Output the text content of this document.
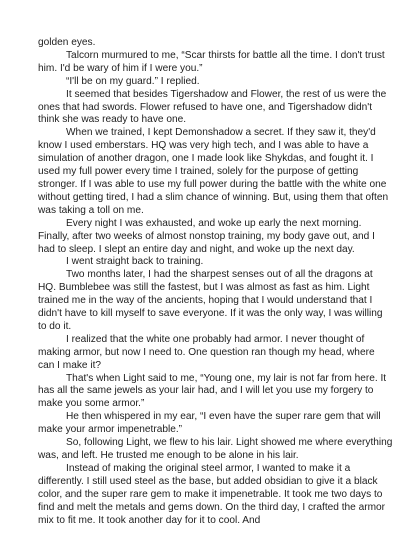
golden eyes.

Talcorn murmured to me, “Scar thirsts for battle all the time. I don't trust him. I'd be wary of him if I were you.”

“I'll be on my guard.” I replied.

It seemed that besides Tigershadow and Flower, the rest of us were the ones that had swords. Flower refused to have one, and Tigershadow didn't think she was ready to have one.

When we trained, I kept Demonshadow a secret. If they saw it, they'd know I used emberstars. HQ was very high tech, and I was able to have a simulation of another dragon, one I made look like Shykdas, and fought it. I used my full power every time I trained, solely for the purpose of getting stronger. If I was able to use my full power during the battle with the white one without getting tired, I had a slim chance of winning. But, using them that often was taking a toll on me.

Every night I was exhausted, and woke up early the next morning. Finally, after two weeks of almost nonstop training, my body gave out, and I had to sleep. I slept an entire day and night, and woke up the next day.

I went straight back to training.

Two months later, I had the sharpest senses out of all the dragons at HQ. Bumblebee was still the fastest, but I was almost as fast as him. Light trained me in the way of the ancients, hoping that I would understand that I didn't have to kill myself to save everyone. If it was the only way, I was willing to do it.

I realized that the white one probably had armor. I never thought of making armor, but now I need to. One question ran though my head, where can I make it?

That's when Light said to me, “Young one, my lair is not far from here. It has all the same jewels as your lair had, and I will let you use my forgery to make you some armor.”

He then whispered in my ear, “I even have the super rare gem that will make your armor impenetrable.”

So, following Light, we flew to his lair. Light showed me where everything was, and left. He trusted me enough to be alone in his lair.

Instead of making the original steel armor, I wanted to make it a differently. I still used steel as the base, but added obsidian to give it a black color, and the super rare gem to make it impenetrable. It took me two days to find and melt the metals and gems down. On the third day, I crafted the armor mix to fit me. It took another day for it to cool. And
